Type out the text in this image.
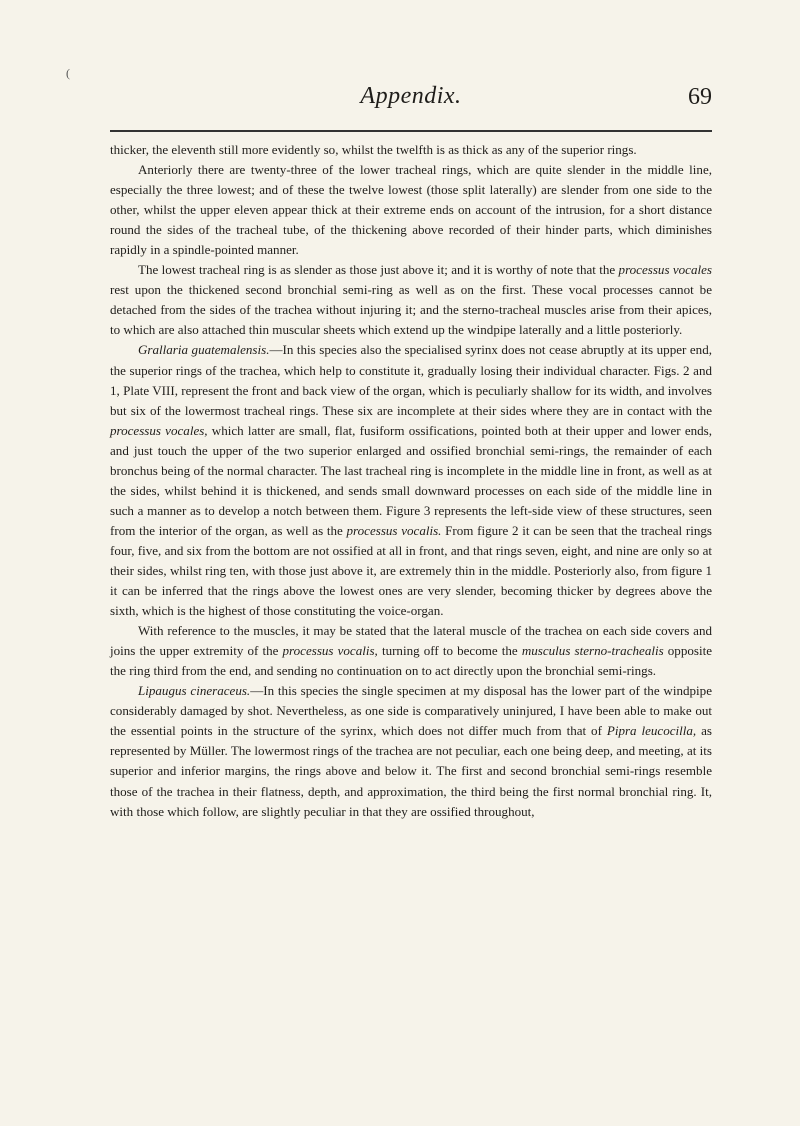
(
Appendix.	69

thicker, the eleventh still more evidently so, whilst the twelfth is as thick as any of the superior rings.

Anteriorly there are twenty-three of the lower tracheal rings, which are quite slender in the middle line, especially the three lowest; and of these the twelve lowest (those split laterally) are slender from one side to the other, whilst the upper eleven appear thick at their extreme ends on account of the intrusion, for a short distance round the sides of the tracheal tube, of the thickening above recorded of their hinder parts, which diminishes rapidly in a spindle-pointed manner.

The lowest tracheal ring is as slender as those just above it; and it is worthy of note that the processus vocales rest upon the thickened second bronchial semi-ring as well as on the first. These vocal processes cannot be detached from the sides of the trachea without injuring it; and the sterno-tracheal muscles arise from their apices, to which are also attached thin muscular sheets which extend up the windpipe laterally and a little posteriorly.

Grallaria guatemalensis.—In this species also the specialised syrinx does not cease abruptly at its upper end, the superior rings of the trachea, which help to constitute it, gradually losing their individual character. Figs. 2 and 1, Plate VIII, represent the front and back view of the organ, which is peculiarly shallow for its width, and involves but six of the lowermost tracheal rings. These six are incomplete at their sides where they are in contact with the processus vocales, which latter are small, flat, fusiform ossifications, pointed both at their upper and lower ends, and just touch the upper of the two superior enlarged and ossified bronchial semi-rings, the remainder of each bronchus being of the normal character. The last tracheal ring is incomplete in the middle line in front, as well as at the sides, whilst behind it is thickened, and sends small downward processes on each side of the middle line in such a manner as to develop a notch between them. Figure 3 represents the left-side view of these structures, seen from the interior of the organ, as well as the processus vocalis. From figure 2 it can be seen that the tracheal rings four, five, and six from the bottom are not ossified at all in front, and that rings seven, eight, and nine are only so at their sides, whilst ring ten, with those just above it, are extremely thin in the middle. Posteriorly also, from figure 1 it can be inferred that the rings above the lowest ones are very slender, becoming thicker by degrees above the sixth, which is the highest of those constituting the voice-organ.

With reference to the muscles, it may be stated that the lateral muscle of the trachea on each side covers and joins the upper extremity of the processus vocalis, turning off to become the musculus sterno-trachealis opposite the ring third from the end, and sending no continuation on to act directly upon the bronchial semi-rings.

Lipaugus cineraceus.—In this species the single specimen at my disposal has the lower part of the windpipe considerably damaged by shot. Nevertheless, as one side is comparatively uninjured, I have been able to make out the essential points in the structure of the syrinx, which does not differ much from that of Pipra leucocilla, as represented by Müller. The lowermost rings of the trachea are not peculiar, each one being deep, and meeting, at its superior and inferior margins, the rings above and below it. The first and second bronchial semi-rings resemble those of the trachea in their flatness, depth, and approximation, the third being the first normal bronchial ring. It, with those which follow, are slightly peculiar in that they are ossified throughout,
